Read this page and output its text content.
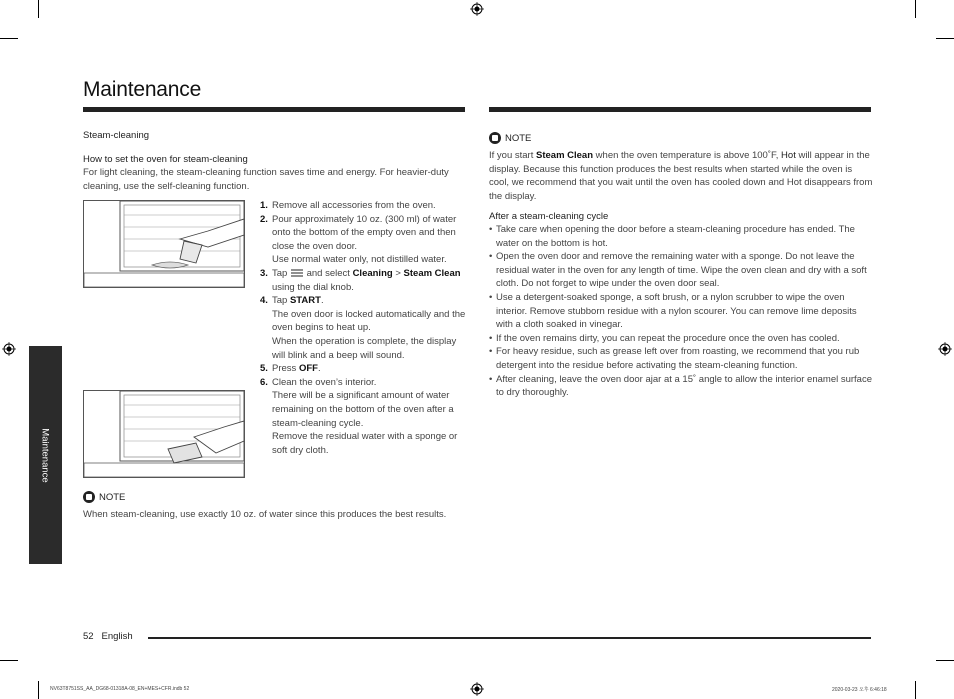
Maintenance
Steam-cleaning
How to set the oven for steam-cleaning
For light cleaning, the steam-cleaning function saves time and energy. For heavier-duty cleaning, use the self-cleaning function.
1. Remove all accessories from the oven.
2. Pour approximately 10 oz. (300 ml) of water onto the bottom of the empty oven and then close the oven door.
Use normal water only, not distilled water.
3. Tap and select Cleaning > Steam Clean using the dial knob.
4. Tap START.
The oven door is locked automatically and the oven begins to heat up.
When the operation is complete, the display will blink and a beep will sound.
5. Press OFF.
6. Clean the oven’s interior.
There will be a significant amount of water remaining on the bottom of the oven after a steam-cleaning cycle.
Remove the residual water with a sponge or soft dry cloth.
NOTE
When steam-cleaning, use exactly 10 oz. of water since this produces the best results.
NOTE
If you start Steam Clean when the oven temperature is above 100˚F, Hot will appear in the display. Because this function produces the best results when started while the oven is cool, we recommend that you wait until the oven has cooled down and Hot disappears from the display.
After a steam-cleaning cycle
• Take care when opening the door before a steam-cleaning procedure has ended. The water on the bottom is hot.
• Open the oven door and remove the remaining water with a sponge. Do not leave the residual water in the oven for any length of time. Wipe the oven clean and dry with a soft cloth. Do not forget to wipe under the oven door seal.
• Use a detergent-soaked sponge, a soft brush, or a nylon scrubber to wipe the oven interior. Remove stubborn residue with a nylon scourer. You can remove lime deposits with a cloth soaked in vinegar.
• If the oven remains dirty, you can repeat the procedure once the oven has cooled.
• For heavy residue, such as grease left over from roasting, we recommend that you rub detergent into the residue before activating the steam-cleaning function.
• After cleaning, leave the oven door ajar at a 15˚ angle to allow the interior enamel surface to dry thoroughly.
Maintenance
52 English
NV63T8751SS_AA_DG68-01318A-08_EN+MES+CFR.indb 52	2020-03-23 오후 6:46:18
